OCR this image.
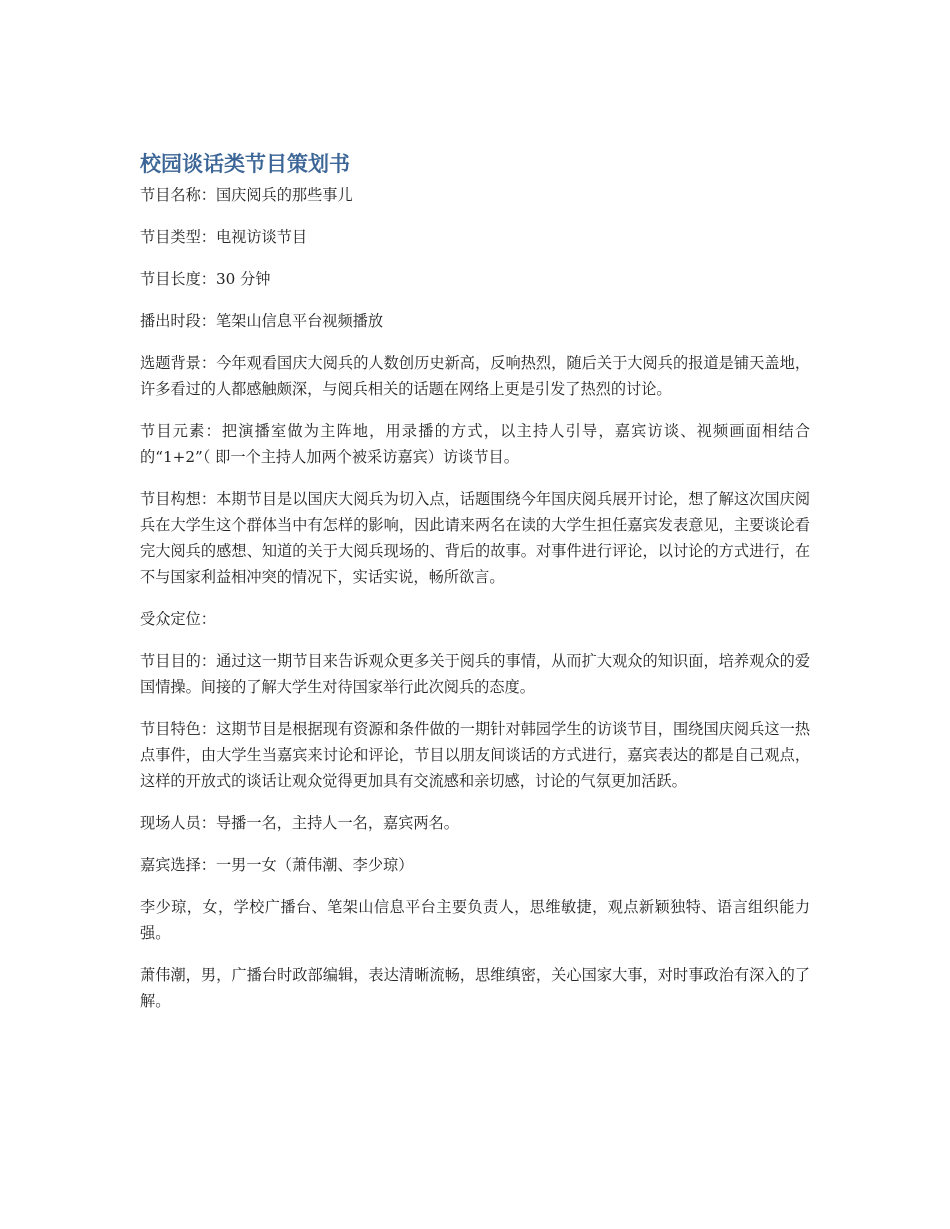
校园谈话类节目策划书

节目名称：国庆阅兵的那些事儿

节目类型：电视访谈节目

节目长度：30 分钟

播出时段：笔架山信息平台视频播放

选题背景：今年观看国庆大阅兵的人数创历史新高，反响热烈，随后关于大阅兵的报道是铺天盖地，许多看过的人都感触颇深，与阅兵相关的话题在网络上更是引发了热烈的讨论。

节目元素：把演播室做为主阵地，用录播的方式，以主持人引导，嘉宾访谈、视频画面相结合的“1+2”（ 即一个主持人加两个被采访嘉宾）访谈节目。

节目构想：本期节目是以国庆大阅兵为切入点，话题围绕今年国庆阅兵展开讨论，想了解这次国庆阅兵在大学生这个群体当中有怎样的影响，因此请来两名在读的大学生担任嘉宾发表意见，主要谈论看完大阅兵的感想、知道的关于大阅兵现场的、背后的故事。对事件进行评论，以讨论的方式进行，在不与国家利益相冲突的情况下，实话实说，畅所欲言。

受众定位：

节目目的：通过这一期节目来告诉观众更多关于阅兵的事情，从而扩大观众的知识面，培养观众的爱国情操。间接的了解大学生对待国家举行此次阅兵的态度。

节目特色：这期节目是根据现有资源和条件做的一期针对韩园学生的访谈节目，围绕国庆阅兵这一热点事件，由大学生当嘉宾来讨论和评论，节目以朋友间谈话的方式进行，嘉宾表达的都是自己观点，这样的开放式的谈话让观众觉得更加具有交流感和亲切感，讨论的气氛更加活跃。

现场人员：导播一名，主持人一名，嘉宾两名。

嘉宾选择：一男一女（萧伟潮、李少琼）

李少琼，女，学校广播台、笔架山信息平台主要负责人，思维敏捷，观点新颖独特、语言组织能力强。

萧伟潮，男，广播台时政部编辑，表达清晰流畅，思维缜密，关心国家大事，对时事政治有深入的了解。
